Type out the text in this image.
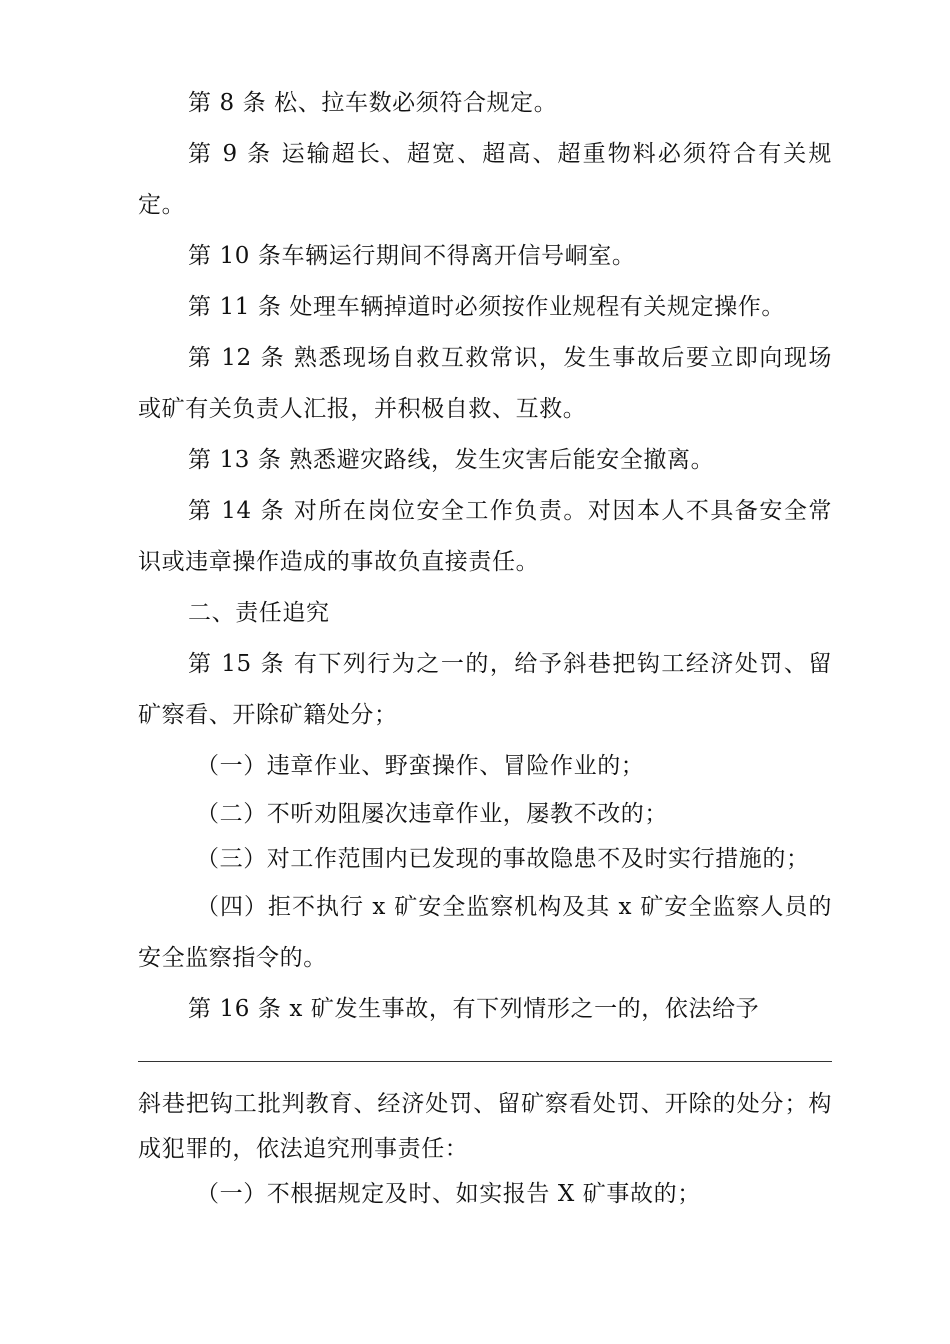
第 8 条 松、拉车数必须符合规定。

第 9 条 运输超长、超宽、超高、超重物料必须符合有关规定。

第 10 条车辆运行期间不得离开信号峒室。

第 11 条 处理车辆掉道时必须按作业规程有关规定操作。

第 12 条 熟悉现场自救互救常识，发生事故后要立即向现场或矿有关负责人汇报，并积极自救、互救。

第 13 条 熟悉避灾路线，发生灾害后能安全撤离。

第 14 条 对所在岗位安全工作负责。对因本人不具备安全常识或违章操作造成的事故负直接责任。

二、责任追究

第 15 条 有下列行为之一的，给予斜巷把钩工经济处罚、留矿察看、开除矿籍处分；

（一）违章作业、野蛮操作、冒险作业的；

（二）不听劝阻屡次违章作业，屡教不改的；

（三）对工作范围内已发现的事故隐患不及时实行措施的；

（四）拒不执行 x 矿安全监察机构及其 x 矿安全监察人员的安全监察指令的。

第 16 条 x 矿发生事故，有下列情形之一的，依法给予

斜巷把钩工批判教育、经济处罚、留矿察看处罚、开除的处分；构成犯罪的，依法追究刑事责任：

（一）不根据规定及时、如实报告 X 矿事故的；
